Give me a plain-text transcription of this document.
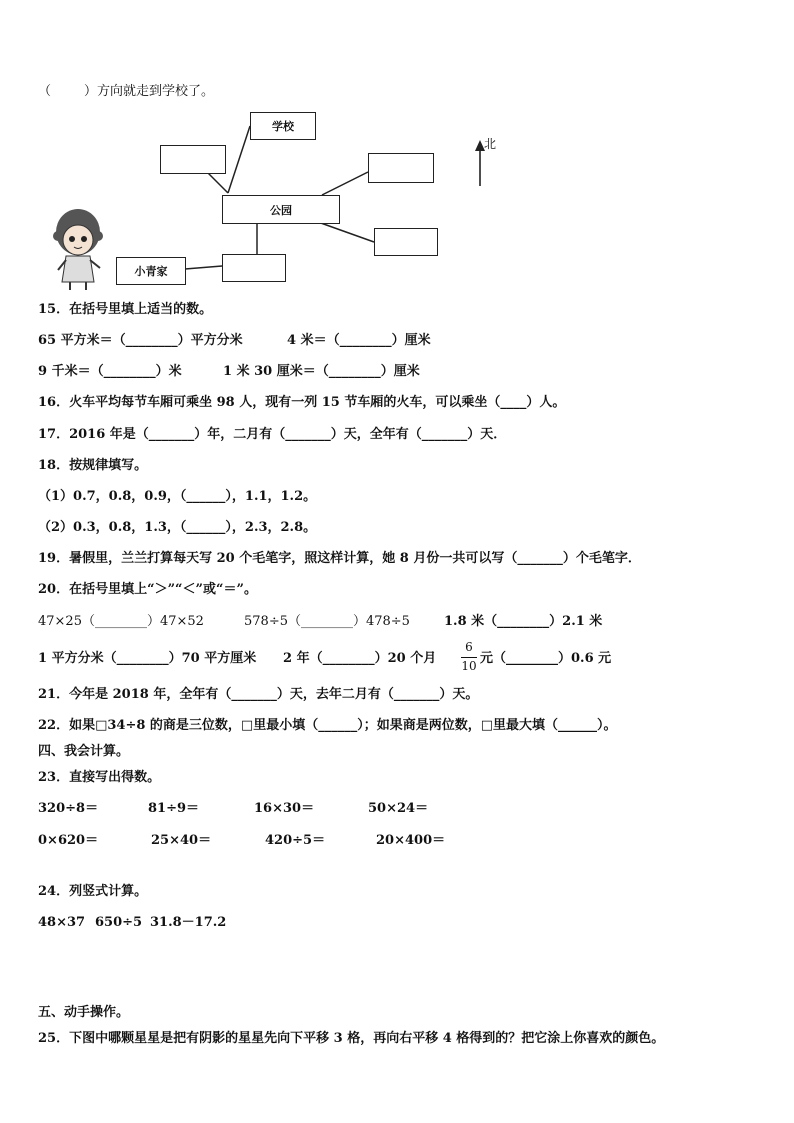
（        ）方向就走到学校了。
学校
公园
小青家
北
15．在括号里填上适当的数。
65 平方米＝（________）平方分米	4 米＝（________）厘米
9 千米＝（________）米	1 米 30 厘米＝（________）厘米
16．火车平均每节车厢可乘坐 98 人，现有一列 15 节车厢的火车，可以乘坐（____）人。
17．2016 年是（_______）年，二月有（_______）天，全年有（_______）天．
18．按规律填写。
（1）0.7，0.8，0.9，（______），1.1，1.2。
（2）0.3，0.8，1.3，（______），2.3，2.8。
19．暑假里，兰兰打算每天写 20 个毛笔字，照这样计算，她 8 月份一共可以写（_______）个毛笔字．
20．在括号里填上“＞”“＜”或“＝”。
47×25（________）47×52	578÷5（________）478÷5	1.8 米（________）2.1 米
1 平方分米（________）70 平方厘米 2 年（________）20 个月
6
10 元（________）0.6 元
21．今年是 2018 年，全年有（_______）天，去年二月有（_______）天。
22．如果□34÷8 的商是三位数，□里最小填（______）；如果商是两位数，□里最大填（______）。
四、我会计算。
23．直接写出得数。
320÷8＝	81÷9＝	16×30＝	50×24＝
0×620＝	25×40＝	420÷5＝	20×400＝
24．列竖式计算。
48×37 650÷5 31.8－17.2
五、动手操作。
25．下图中哪颗星星是把有阴影的星星先向下平移 3 格，再向右平移 4 格得到的？把它涂上你喜欢的颜色。
